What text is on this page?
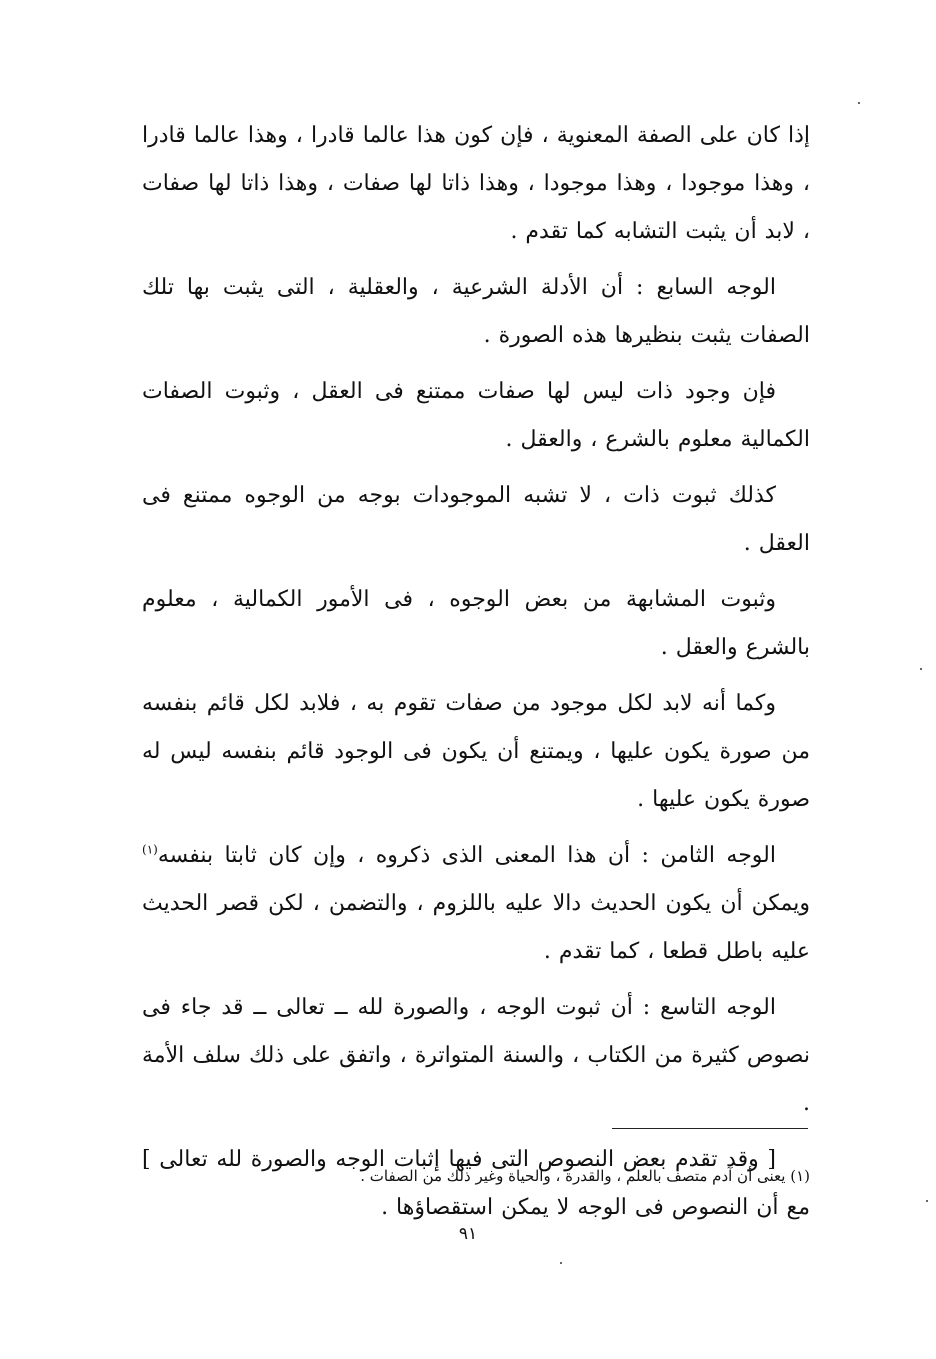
إذا كان على الصفة المعنوية ، فإن كون هذا عالما قادرا ، وهذا عالما قادرا ، وهذا موجودا ، وهذا موجودا ، وهذا ذاتا لها صفات ، وهذا ذاتا لها صفات ، لابد أن يثبت التشابه كما تقدم .

الوجه السابع : أن الأدلة الشرعية ، والعقلية ، التى يثبت بها تلك الصفات يثبت بنظيرها هذه الصورة .

فإن وجود ذات ليس لها صفات ممتنع فى العقل ، وثبوت الصفات الكمالية معلوم بالشرع ، والعقل .

كذلك ثبوت ذات ، لا تشبه الموجودات بوجه من الوجوه ممتنع فى العقل .

وثبوت المشابهة من بعض الوجوه ، فى الأمور الكمالية ، معلوم بالشرع والعقل .

وكما أنه لابد لكل موجود من صفات تقوم به ، فلابد لكل قائم بنفسه من صورة يكون عليها ، ويمتنع أن يكون فى الوجود قائم بنفسه ليس له صورة يكون عليها .

الوجه الثامن : أن هذا المعنى الذى ذكروه ، وإن كان ثابتا بنفسه$^{(١)}$ ويمكن أن يكون الحديث دالا عليه باللزوم ، والتضمن ، لكن قصر الحديث عليه باطل قطعا ، كما تقدم .

الوجه التاسع : أن ثبوت الوجه ، والصورة لله ــ تعالى ــ قد جاء فى نصوص كثيرة من الكتاب ، والسنة المتواترة ، واتفق على ذلك سلف الأمة .

[ وقد تقدم بعض النصوص التى فيها إثبات الوجه والصورة لله تعالى ] مع أن النصوص فى الوجه لا يمكن استقصاؤها .

(١) يعنى أن آدم متصف بالعلم ، والقدرة ، والحياة وغير ذلك من الصفات .
٩١
